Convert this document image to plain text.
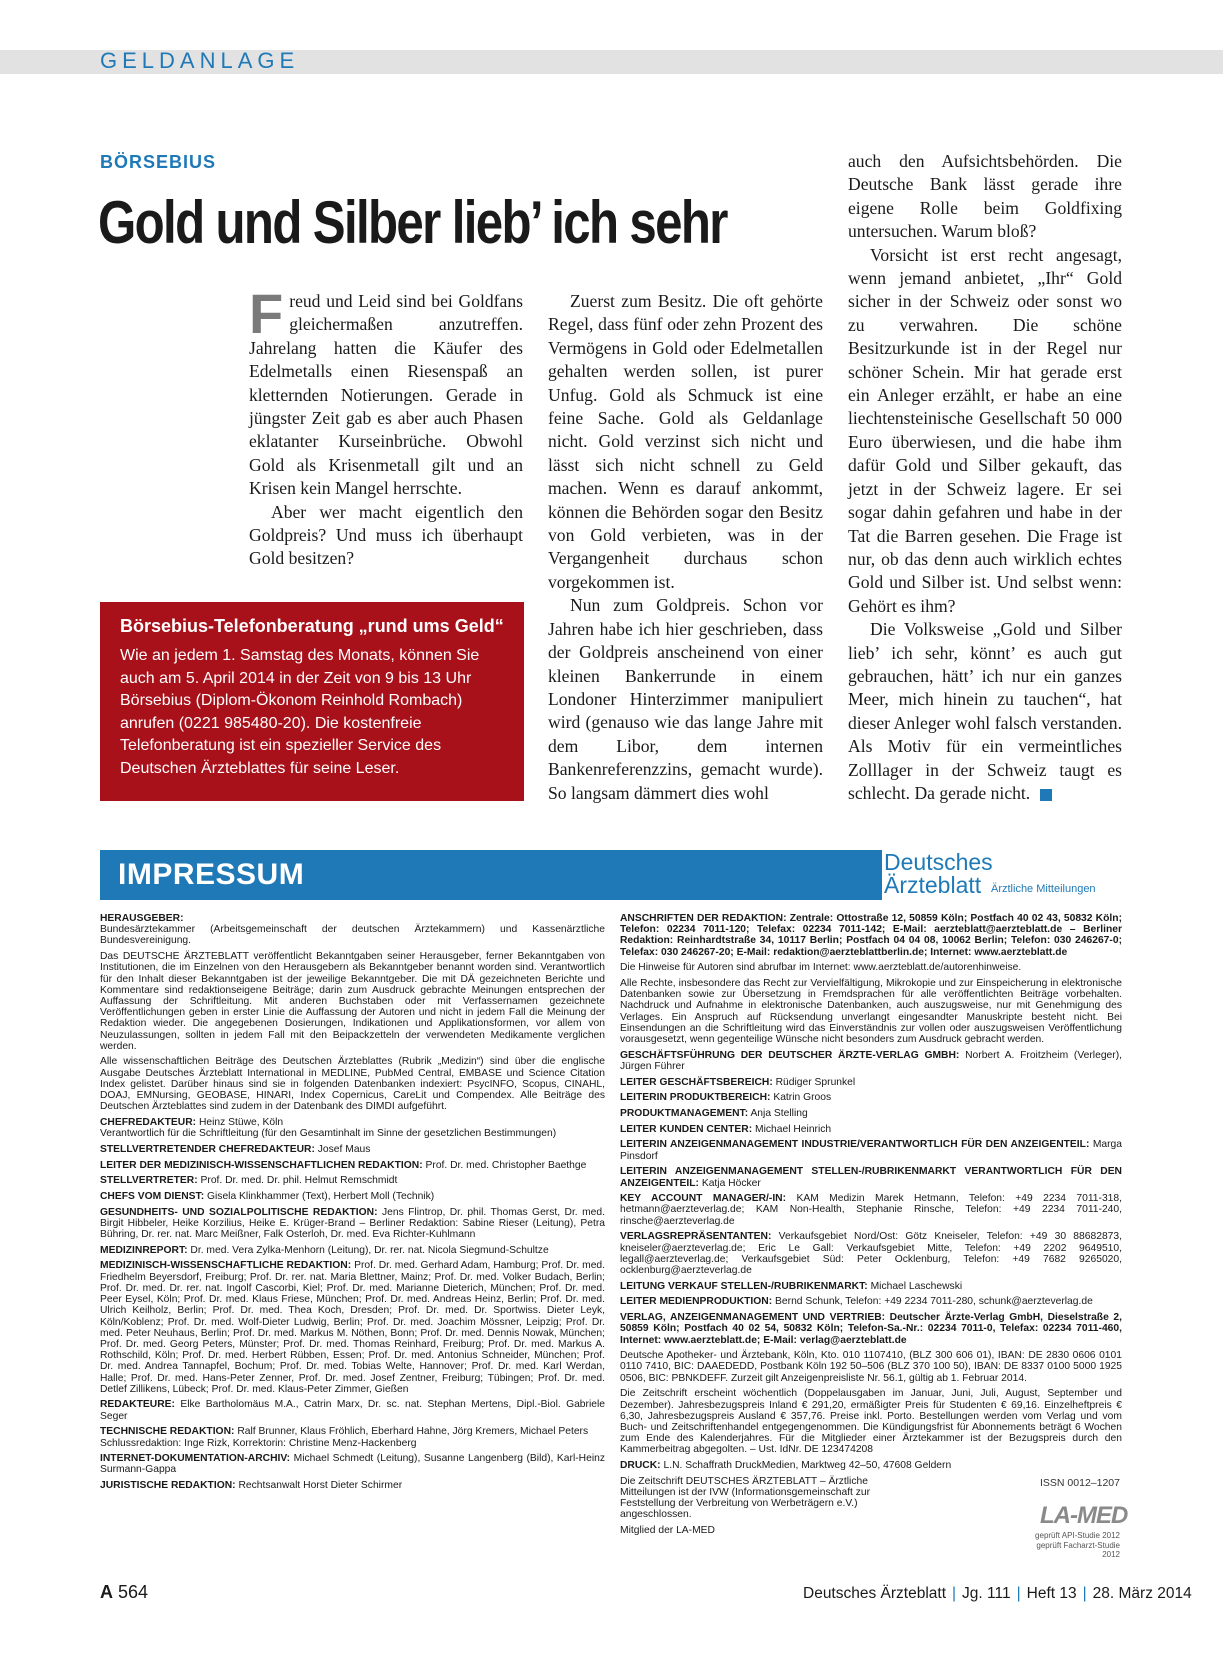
GELDANLAGE
BÖRSEBIUS
Gold und Silber lieb’ ich sehr

Freud und Leid sind bei Goldfans gleichermaßen anzutreffen. Jahrelang hatten die Käufer des Edelmetalls einen Riesenspaß an kletternden Notierungen. Gerade in jüngster Zeit gab es aber auch Phasen eklatanter Kurseinbrüche. Obwohl Gold als Krisenmetall gilt und an Krisen kein Mangel herrschte.

Aber wer macht eigentlich den Goldpreis? Und muss ich überhaupt Gold besitzen?

Börsebius-Telefonberatung „rund ums Geld“
Wie an jedem 1. Samstag des Monats, können Sie auch am 5. April 2014 in der Zeit von 9 bis 13 Uhr Börsebius (Diplom-Ökonom Reinhold Rombach) anrufen (0221 985480-20). Die kostenfreie Telefonberatung ist ein spezieller Service des Deutschen Ärzteblattes für seine Leser.

Zuerst zum Besitz. Die oft gehörte Regel, dass fünf oder zehn Prozent des Vermögens in Gold oder Edelmetallen gehalten werden sollen, ist purer Unfug. Gold als Schmuck ist eine feine Sache. Gold als Geldanlage nicht. Gold verzinst sich nicht und lässt sich nicht schnell zu Geld machen. Wenn es darauf ankommt, können die Behörden sogar den Besitz von Gold verbieten, was in der Vergangenheit durchaus schon vorgekommen ist.

Nun zum Goldpreis. Schon vor Jahren habe ich hier geschrieben, dass der Goldpreis anscheinend von einer kleinen Bankerrunde in einem Londoner Hinterzimmer manipuliert wird (genauso wie das lange Jahre mit dem Libor, dem internen Bankenreferenzzins, gemacht wurde). So langsam dämmert dies wohl

auch den Aufsichtsbehörden. Die Deutsche Bank lässt gerade ihre eigene Rolle beim Goldfixing untersuchen. Warum bloß?

Vorsicht ist erst recht angesagt, wenn jemand anbietet, „Ihr“ Gold sicher in der Schweiz oder sonst wo zu verwahren. Die schöne Besitzurkunde ist in der Regel nur schöner Schein. Mir hat gerade erst ein Anleger erzählt, er habe an eine liechtensteinische Gesellschaft 50 000 Euro überwiesen, und die habe ihm dafür Gold und Silber gekauft, das jetzt in der Schweiz lagere. Er sei sogar dahin gefahren und habe in der Tat die Barren gesehen. Die Frage ist nur, ob das denn auch wirklich echtes Gold und Silber ist. Und selbst wenn: Gehört es ihm?

Die Volksweise „Gold und Silber lieb’ ich sehr, könnt’ es auch gut gebrauchen, hätt’ ich nur ein ganzes Meer, mich hinein zu tauchen“, hat dieser Anleger wohl falsch verstanden. Als Motiv für ein vermeintliches Zolllager in der Schweiz taugt es schlecht. Da gerade nicht.

IMPRESSUM	Deutsches
Ärzteblatt Ärztliche Mitteilungen

HERAUSGEBER:
Bundesärztekammer (Arbeitsgemeinschaft der deutschen Ärztekammern) und Kassenärztliche Bundesvereinigung.

Das DEUTSCHE ÄRZTEBLATT veröffentlicht Bekanntgaben seiner Herausgeber, ferner Bekanntgaben von Institutionen, die im Einzelnen von den Herausgebern als Bekanntgeber benannt worden sind. Verantwortlich für den Inhalt dieser Bekanntgaben ist der jeweilige Bekanntgeber. Die mit DÄ gezeichneten Berichte und Kommentare sind redaktionseigene Beiträge; darin zum Ausdruck gebrachte Meinungen entsprechen der Auffassung der Schriftleitung. Mit anderen Buchstaben oder mit Verfassernamen gezeichnete Veröffentlichungen geben in erster Linie die Auffassung der Autoren und nicht in jedem Fall die Meinung der Redaktion wieder. Die angegebenen Dosierungen, Indikationen und Applikationsformen, vor allem von Neuzulassungen, sollten in jedem Fall mit den Beipackzetteln der verwendeten Medikamente verglichen werden.

Alle wissenschaftlichen Beiträge des Deutschen Ärzteblattes (Rubrik „Medizin“) sind über die englische Ausgabe Deutsches Ärzteblatt International in MEDLINE, PubMed Central, EMBASE und Science Citation Index gelistet. Darüber hinaus sind sie in folgenden Datenbanken indexiert: PsycINFO, Scopus, CINAHL, DOAJ, EMNursing, GEOBASE, HINARI, Index Copernicus, CareLit und Compendex. Alle Beiträge des Deutschen Ärzteblattes sind zudem in der Datenbank des DIMDI aufgeführt.

CHEFREDAKTEUR: Heinz Stüwe, Köln
Verantwortlich für die Schriftleitung (für den Gesamtinhalt im Sinne der gesetzlichen Bestimmungen)

STELLVERTRETENDER CHEFREDAKTEUR: Josef Maus

LEITER DER MEDIZINISCH-WISSENSCHAFTLICHEN REDAKTION: Prof. Dr. med. Christopher Baethge

STELLVERTRETER: Prof. Dr. med. Dr. phil. Helmut Remschmidt

CHEFS VOM DIENST: Gisela Klinkhammer (Text), Herbert Moll (Technik)

GESUNDHEITS- UND SOZIALPOLITISCHE REDAKTION: Jens Flintrop, Dr. phil. Thomas Gerst, Dr. med. Birgit Hibbeler, Heike Korzilius, Heike E. Krüger-Brand – Berliner Redaktion: Sabine Rieser (Leitung), Petra Bühring, Dr. rer. nat. Marc Meißner, Falk Osterloh, Dr. med. Eva Richter-Kuhlmann

MEDIZINREPORT: Dr. med. Vera Zylka-Menhorn (Leitung), Dr. rer. nat. Nicola Siegmund-Schultze

MEDIZINISCH-WISSENSCHAFTLICHE REDAKTION: Prof. Dr. med. Gerhard Adam, Hamburg; Prof. Dr. med. Friedhelm Beyersdorf, Freiburg; Prof. Dr. rer. nat. Maria Blettner, Mainz; Prof. Dr. med. Volker Budach, Berlin; Prof. Dr. med. Dr. rer. nat. Ingolf Cascorbi, Kiel; Prof. Dr. med. Marianne Dieterich, München; Prof. Dr. med. Peer Eysel, Köln; Prof. Dr. med. Klaus Friese, München; Prof. Dr. med. Andreas Heinz, Berlin; Prof. Dr. med. Ulrich Keilholz, Berlin; Prof. Dr. med. Thea Koch, Dresden; Prof. Dr. med. Dr. Sportwiss. Dieter Leyk, Köln/Koblenz; Prof. Dr. med. Wolf-Dieter Ludwig, Berlin; Prof. Dr. med. Joachim Mössner, Leipzig; Prof. Dr. med. Peter Neuhaus, Berlin; Prof. Dr. med. Markus M. Nöthen, Bonn; Prof. Dr. med. Dennis Nowak, München; Prof. Dr. med. Georg Peters, Münster; Prof. Dr. med. Thomas Reinhard, Freiburg; Prof. Dr. med. Markus A. Rothschild, Köln; Prof. Dr. med. Herbert Rübben, Essen; Prof. Dr. med. Antonius Schneider, München; Prof. Dr. med. Andrea Tannapfel, Bochum; Prof. Dr. med. Tobias Welte, Hannover; Prof. Dr. med. Karl Werdan, Halle; Prof. Dr. med. Hans-Peter Zenner, Prof. Dr. med. Josef Zentner, Freiburg; Tübingen; Prof. Dr. med. Detlef Zillikens, Lübeck; Prof. Dr. med. Klaus-Peter Zimmer, Gießen

REDAKTEURE: Elke Bartholomäus M.A., Catrin Marx, Dr. sc. nat. Stephan Mertens, Dipl.-Biol. Gabriele Seger

TECHNISCHE REDAKTION: Ralf Brunner, Klaus Fröhlich, Eberhard Hahne, Jörg Kremers, Michael Peters
Schlussredaktion: Inge Rizk, Korrektorin: Christine Menz-Hackenberg

INTERNET-DOKUMENTATION-ARCHIV: Michael Schmedt (Leitung), Susanne Langenberg (Bild), Karl-Heinz Surmann-Gappa

JURISTISCHE REDAKTION: Rechtsanwalt Horst Dieter Schirmer

ANSCHRIFTEN DER REDAKTION: Zentrale: Ottostraße 12, 50859 Köln; Postfach 40 02 43, 50832 Köln; Telefon: 02234 7011-120; Telefax: 02234 7011-142; E-Mail: aerzteblatt@aerzteblatt.de – Berliner Redaktion: Reinhardtstraße 34, 10117 Berlin; Postfach 04 04 08, 10062 Berlin; Telefon: 030 246267-0; Telefax: 030 246267-20; E-Mail: redaktion@aerzteblattberlin.de; Internet: www.aerzteblatt.de

Die Hinweise für Autoren sind abrufbar im Internet: www.aerzteblatt.de/autorenhinweise.

Alle Rechte, insbesondere das Recht zur Vervielfältigung, Mikrokopie und zur Einspeicherung in elektronische Datenbanken sowie zur Übersetzung in Fremdsprachen für alle veröffentlichten Beiträge vorbehalten. Nachdruck und Aufnahme in elektronische Datenbanken, auch auszugsweise, nur mit Genehmigung des Verlages. Ein Anspruch auf Rücksendung unverlangt eingesandter Manuskripte besteht nicht. Bei Einsendungen an die Schriftleitung wird das Einverständnis zur vollen oder auszugsweisen Veröffentlichung vorausgesetzt, wenn gegenteilige Wünsche nicht besonders zum Ausdruck gebracht werden.

GESCHÄFTSFÜHRUNG DER DEUTSCHER ÄRZTE-VERLAG GMBH: Norbert A. Froitzheim (Verleger), Jürgen Führer

LEITER GESCHÄFTSBEREICH: Rüdiger Sprunkel

LEITERIN PRODUKTBEREICH: Katrin Groos

PRODUKTMANAGEMENT: Anja Stelling

LEITER KUNDEN CENTER: Michael Heinrich

LEITERIN ANZEIGENMANAGEMENT INDUSTRIE/VERANTWORTLICH FÜR DEN ANZEIGENTEIL: Marga Pinsdorf

LEITERIN ANZEIGENMANAGEMENT STELLEN-/RUBRIKENMARKT VERANTWORTLICH FÜR DEN ANZEIGENTEIL: Katja Höcker

KEY ACCOUNT MANAGER/-IN: KAM Medizin Marek Hetmann, Telefon: +49 2234 7011-318, hetmann@aerzteverlag.de; KAM Non-Health, Stephanie Rinsche, Telefon: +49 2234 7011-240, rinsche@aerzteverlag.de

VERLAGSREPRÄSENTANTEN: Verkaufsgebiet Nord/Ost: Götz Kneiseler, Telefon: +49 30 88682873, kneiseler@aerzteverlag.de; Eric Le Gall: Verkaufsgebiet Mitte, Telefon: +49 2202 9649510, legall@aerzteverlag.de; Verkaufsgebiet Süd: Peter Ocklenburg, Telefon: +49 7682 9265020, ocklenburg@aerzteverlag.de

LEITUNG VERKAUF STELLEN-/RUBRIKENMARKT: Michael Laschewski

LEITER MEDIENPRODUKTION: Bernd Schunk, Telefon: +49 2234 7011-280, schunk@aerzteverlag.de

VERLAG, ANZEIGENMANAGEMENT UND VERTRIEB: Deutscher Ärzte-Verlag GmbH, Dieselstraße 2, 50859 Köln; Postfach 40 02 54, 50832 Köln; Telefon-Sa.-Nr.: 02234 7011-0, Telefax: 02234 7011-460, Internet: www.aerzteblatt.de; E-Mail: verlag@aerzteblatt.de

Deutsche Apotheker- und Ärztebank, Köln, Kto. 010 1107410, (BLZ 300 606 01), IBAN: DE 2830 0606 0101 0110 7410, BIC: DAAEDEDD, Postbank Köln 192 50–506 (BLZ 370 100 50), IBAN: DE 8337 0100 5000 1925 0506, BIC: PBNKDEFF. Zurzeit gilt Anzeigenpreisliste Nr. 56.1, gültig ab 1. Februar 2014.

Die Zeitschrift erscheint wöchentlich (Doppelausgaben im Januar, Juni, Juli, August, September und Dezember). Jahresbezugspreis Inland € 291,20, ermäßigter Preis für Studenten € 69,16. Einzelheftpreis € 6,30, Jahresbezugspreis Ausland € 357,76. Preise inkl. Porto. Bestellungen werden vom Verlag und vom Buch- und Zeitschriftenhandel entgegengenommen. Die Kündigungsfrist für Abonnements beträgt 6 Wochen zum Ende des Kalenderjahres. Für die Mitglieder einer Ärztekammer ist der Bezugspreis durch den Kammerbeitrag abgegolten. – Ust. IdNr. DE 123474208

DRUCK: L.N. Schaffrath DruckMedien, Marktweg 42–50, 47608 Geldern

Die Zeitschrift DEUTSCHES ÄRZTEBLATT – Ärztliche Mitteilungen ist der IVW (Informationsgemeinschaft zur Feststellung der Verbreitung von Werbeträgern e.V.) angeschlossen.

Mitglied der LA-MED

ISSN 0012–1207
LA-MED
geprüft API-Studie 2012
geprüft Facharzt-Studie 2012
A 564	Deutsches Ärzteblatt | Jg. 111 | Heft 13 | 28. März 2014
